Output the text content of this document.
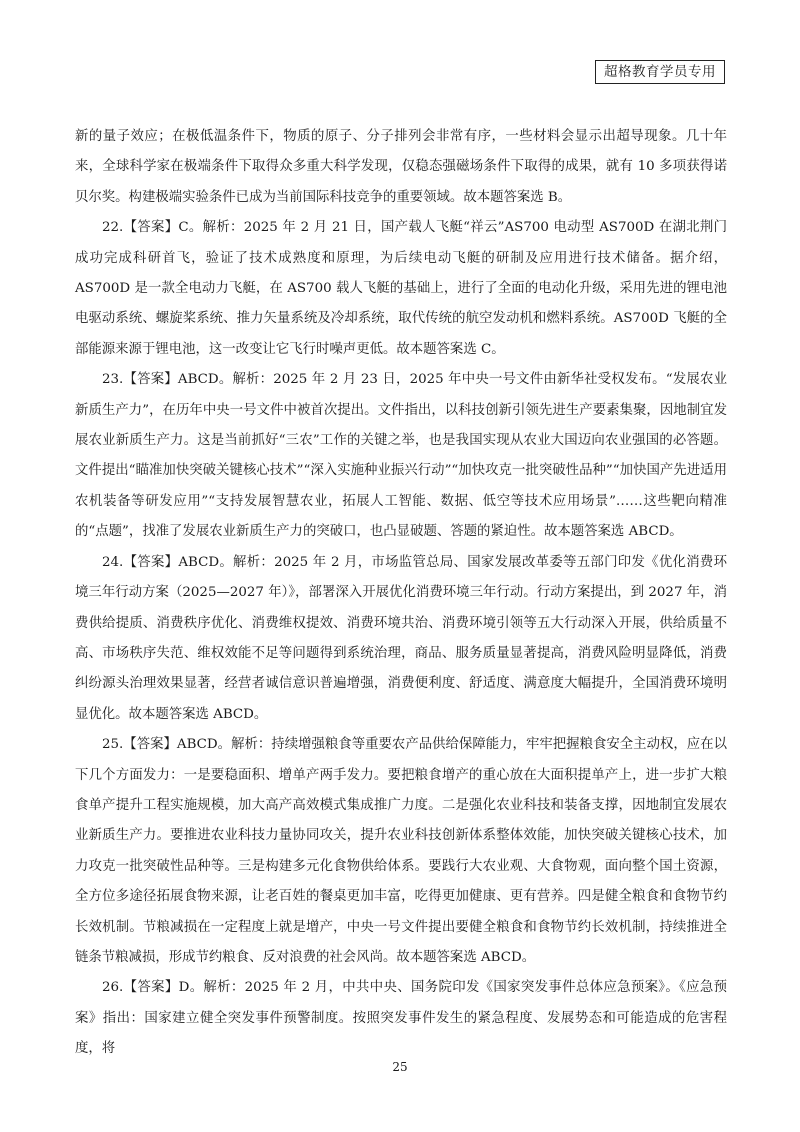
超格教育学员专用

新的量子效应；在极低温条件下，物质的原子、分子排列会非常有序，一些材料会显示出超导现象。几十年来，全球科学家在极端条件下取得众多重大科学发现，仅稳态强磁场条件下取得的成果，就有 10 多项获得诺贝尔奖。构建极端实验条件已成为当前国际科技竞争的重要领域。故本题答案选 B。

22.【答案】C。解析：2025 年 2 月 21 日，国产载人飞艇“祥云”AS700 电动型 AS700D 在湖北荆门成功完成科研首飞，验证了技术成熟度和原理，为后续电动飞艇的研制及应用进行技术储备。据介绍，AS700D 是一款全电动力飞艇，在 AS700 载人飞艇的基础上，进行了全面的电动化升级，采用先进的锂电池电驱动系统、螺旋桨系统、推力矢量系统及冷却系统，取代传统的航空发动机和燃料系统。AS700D 飞艇的全部能源来源于锂电池，这一改变让它飞行时噪声更低。故本题答案选 C。

23.【答案】ABCD。解析：2025 年 2 月 23 日，2025 年中央一号文件由新华社受权发布。“发展农业新质生产力”，在历年中央一号文件中被首次提出。文件指出，以科技创新引领先进生产要素集聚，因地制宜发展农业新质生产力。这是当前抓好“三农”工作的关键之举，也是我国实现从农业大国迈向农业强国的必答题。文件提出“瞄准加快突破关键核心技术”“深入实施种业振兴行动”“加快攻克一批突破性品种”“加快国产先进适用农机装备等研发应用”“支持发展智慧农业，拓展人工智能、数据、低空等技术应用场景”……这些靶向精准的“点题”，找准了发展农业新质生产力的突破口，也凸显破题、答题的紧迫性。故本题答案选 ABCD。

24.【答案】ABCD。解析：2025 年 2 月，市场监管总局、国家发展改革委等五部门印发《优化消费环境三年行动方案（2025—2027 年）》，部署深入开展优化消费环境三年行动。行动方案提出，到 2027 年，消费供给提质、消费秩序优化、消费维权提效、消费环境共治、消费环境引领等五大行动深入开展，供给质量不高、市场秩序失范、维权效能不足等问题得到系统治理，商品、服务质量显著提高，消费风险明显降低，消费纠纷源头治理效果显著，经营者诚信意识普遍增强，消费便利度、舒适度、满意度大幅提升，全国消费环境明显优化。故本题答案选 ABCD。

25.【答案】ABCD。解析：持续增强粮食等重要农产品供给保障能力，牢牢把握粮食安全主动权，应在以下几个方面发力：一是要稳面积、增单产两手发力。要把粮食增产的重心放在大面积提单产上，进一步扩大粮食单产提升工程实施规模，加大高产高效模式集成推广力度。二是强化农业科技和装备支撑，因地制宜发展农业新质生产力。要推进农业科技力量协同攻关，提升农业科技创新体系整体效能，加快突破关键核心技术，加力攻克一批突破性品种等。三是构建多元化食物供给体系。要践行大农业观、大食物观，面向整个国土资源，全方位多途径拓展食物来源，让老百姓的餐桌更加丰富，吃得更加健康、更有营养。四是健全粮食和食物节约长效机制。节粮减损在一定程度上就是增产，中央一号文件提出要健全粮食和食物节约长效机制，持续推进全链条节粮减损，形成节约粮食、反对浪费的社会风尚。故本题答案选 ABCD。

26.【答案】D。解析：2025 年 2 月，中共中央、国务院印发《国家突发事件总体应急预案》。《应急预案》指出：国家建立健全突发事件预警制度。按照突发事件发生的紧急程度、发展势态和可能造成的危害程度，将

25
